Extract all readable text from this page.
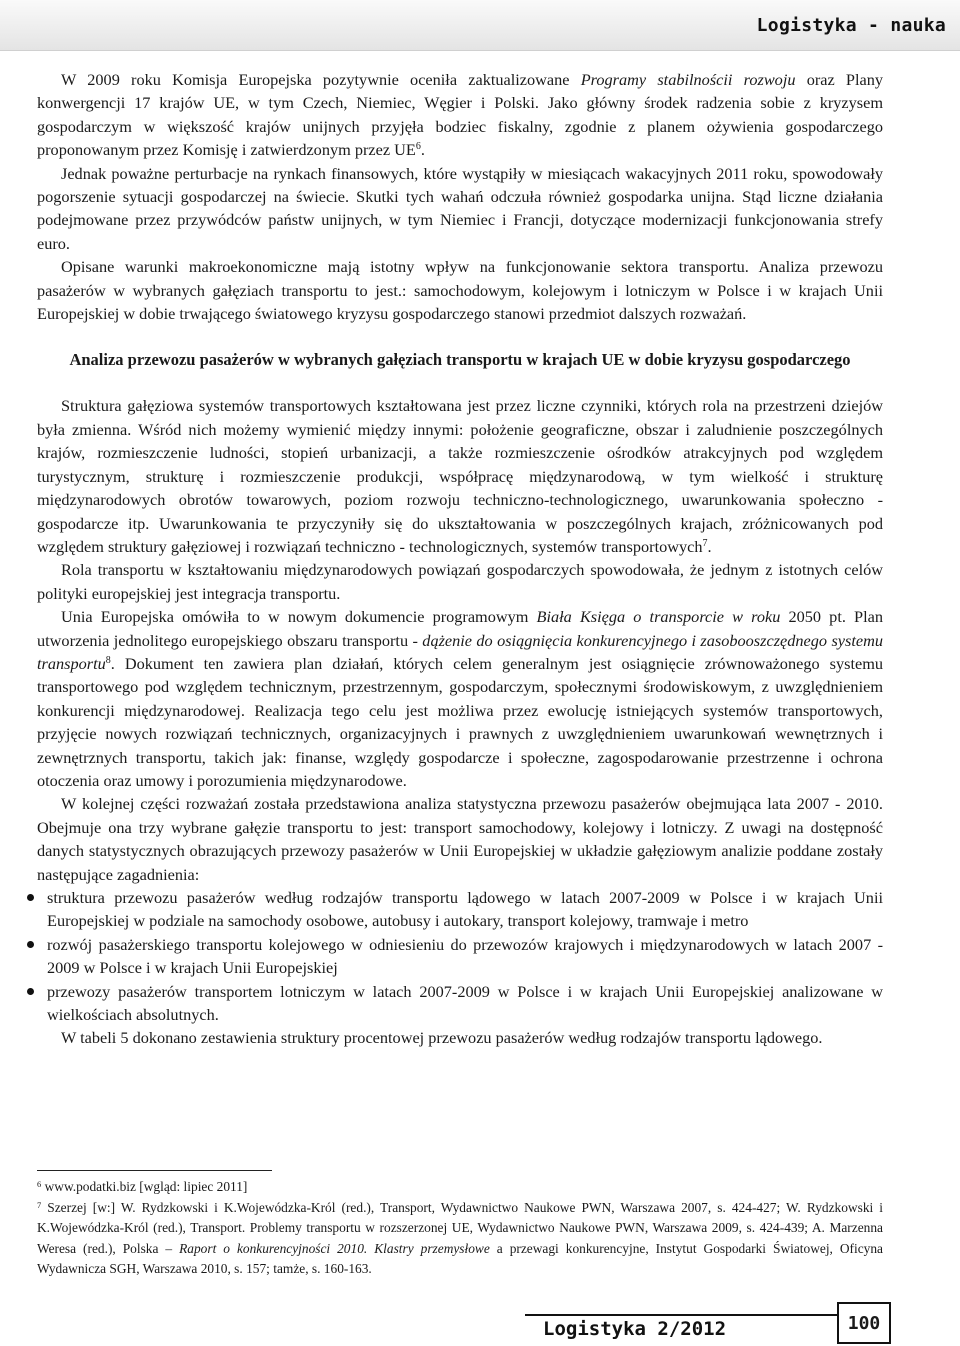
Logistyka - nauka

W 2009 roku Komisja Europejska pozytywnie oceniła zaktualizowane Programy stabilnościi rozwoju oraz Plany konwergencji 17 krajów UE, w tym Czech, Niemiec, Węgier i Polski. Jako główny środek radzenia sobie z kryzysem gospodarczym w większość krajów unijnych przyjęła bodziec fiskalny, zgodnie z planem ożywienia gospodarczego proponowanym przez Komisję i zatwierdzonym przez $UE^6$.

Jednak poważne perturbacje na rynkach finansowych, które wystąpiły w miesiącach wakacyjnych 2011 roku, spowodowały pogorszenie sytuacji gospodarczej na świecie. Skutki tych wahań odczuła również gospodarka unijna. Stąd liczne działania podejmowane przez przywódców państw unijnych, w tym Niemiec i Francji, dotyczące modernizacji funkcjonowania strefy euro.

Opisane warunki makroekonomiczne mają istotny wpływ na funkcjonowanie sektora transportu. Analiza przewozu pasażerów w wybranych gałęziach transportu to jest.: samochodowym, kolejowym i lotniczym w Polsce i w krajach Unii Europejskiej w dobie trwającego światowego kryzysu gospodarczego stanowi przedmiot dalszych rozważań.

Analiza przewozu pasażerów w wybranych gałęziach transportu w krajach UE w dobie kryzysu gospodarczego

Struktura gałęziowa systemów transportowych kształtowana jest przez liczne czynniki, których rola na przestrzeni dziejów była zmienna. Wśród nich możemy wymienić między innymi: położenie geograficzne, obszar i zaludnienie poszczególnych krajów, rozmieszczenie ludności, stopień urbanizacji, a także rozmieszczenie ośrodków atrakcyjnych pod względem turystycznym, strukturę i rozmieszczenie produkcji, współpracę międzynarodową, w tym wielkość i strukturę międzynarodowych obrotów towarowych, poziom rozwoju techniczno-technologicznego, uwarunkowania społeczno - gospodarcze itp. Uwarunkowania te przyczyniły się do ukształtowania w poszczególnych krajach, zróżnicowanych pod względem struktury gałęziowej i rozwiązań techniczno - technologicznych, systemów transportowych$^7$.

Rola transportu w kształtowaniu międzynarodowych powiązań gospodarczych spowodowała, że jednym z istotnych celów polityki europejskiej jest integracja transportu.

Unia Europejska omówiła to w nowym dokumencie programowym Biała Księga o transporcie w roku 2050 pt. Plan utworzenia jednolitego europejskiego obszaru transportu - dążenie do osiągnięcia konkurencyjnego i zasobooszczędnego systemu transportu$^8$. Dokument ten zawiera plan działań, których celem generalnym jest osiągnięcie zrównoważonego systemu transportowego pod względem technicznym, przestrzennym, gospodarczym, społecznymi środowiskowym, z uwzględnieniem konkurencji międzynarodowej. Realizacja tego celu jest możliwa przez ewolucję istniejących systemów transportowych, przyjęcie nowych rozwiązań technicznych, organizacyjnych i prawnych z uwzględnieniem uwarunkowań wewnętrznych i zewnętrznych transportu, takich jak: finanse, względy gospodarcze i społeczne, zagospodarowanie przestrzenne i ochrona otoczenia oraz umowy i porozumienia międzynarodowe.

W kolejnej części rozważań została przedstawiona analiza statystyczna przewozu pasażerów obejmująca lata 2007 - 2010. Obejmuje ona trzy wybrane gałęzie transportu to jest: transport samochodowy, kolejowy i lotniczy. Z uwagi na dostępność danych statystycznych obrazujących przewozy pasażerów w Unii Europejskiej w układzie gałęziowym analizie poddane zostały następujące zagadnienia:

struktura przewozu pasażerów według rodzajów transportu lądowego w latach 2007-2009 w Polsce i w krajach Unii Europejskiej w podziale na samochody osobowe, autobusy i autokary, transport kolejowy, tramwaje i metro
rozwój pasażerskiego transportu kolejowego w odniesieniu do przewozów krajowych i międzynarodowych w latach 2007 - 2009 w Polsce i w krajach Unii Europejskiej
przewozy pasażerów transportem lotniczym w latach 2007-2009 w Polsce i w krajach Unii Europejskiej analizowane w wielkościach absolutnych.

W tabeli 5 dokonano zestawienia struktury procentowej przewozu pasażerów według rodzajów transportu lądowego.

$^6$ www.podatki.biz [wgląd: lipiec 2011]

$^7$ Szerzej [w:] W. Rydzkowski i K.Wojewódzka-Król (red.), Transport, Wydawnictwo Naukowe PWN, Warszawa 2007, s. 424-427; W. Rydzkowski i K.Wojewódzka-Król (red.), Transport. Problemy transportu w rozszerzonej UE, Wydawnictwo Naukowe PWN, Warszawa 2009, s. 424-439; A. Marzenna Weresa (red.), Polska – Raport o konkurencyjności 2010. Klastry przemysłowe a przewagi konkurencyjne, Instytut Gospodarki Światowej, Oficyna Wydawnicza SGH, Warszawa 2010, s. 157; tamże, s. 160-163.

Logistyka 2/2012	100
